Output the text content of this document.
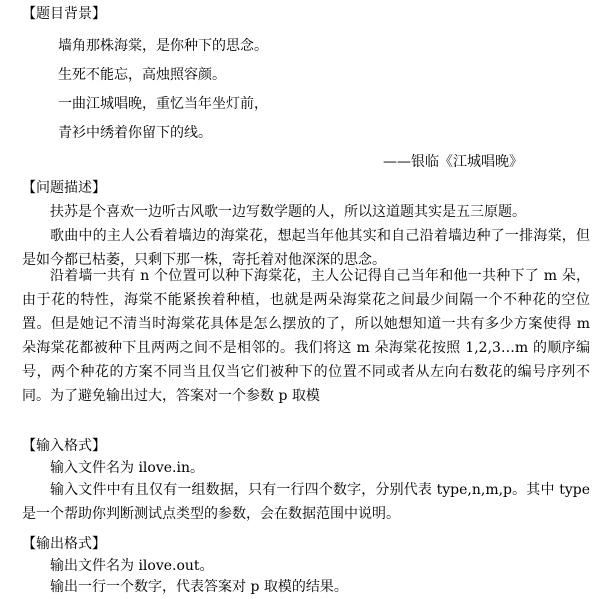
【题目背景】
墙角那株海棠，是你种下的思念。
生死不能忘，高烛照容颜。
一曲江城唱晚，重忆当年坐灯前，
青衫中绣着你留下的线。
——银临《江城唱晚》
【问题描述】
扶苏是个喜欢一边听古风歌一边写数学题的人，所以这道题其实是五三原题。
歌曲中的主人公看着墙边的海棠花，想起当年他其实和自己沿着墙边种了一排海棠，但是如今都已枯萎，只剩下那一株，寄托着对他深深的思念。
沿着墙一共有 n 个位置可以种下海棠花，主人公记得自己当年和他一共种下了 m 朵，由于花的特性，海棠不能紧挨着种植，也就是两朵海棠花之间最少间隔一个不种花的空位置。但是她记不清当时海棠花具体是怎么摆放的了，所以她想知道一共有多少方案使得 m 朵海棠花都被种下且两两之间不是相邻的。我们将这 m 朵海棠花按照 1,2,3…m 的顺序编号，两个种花的方案不同当且仅当它们被种下的位置不同或者从左向右数花的编号序列不同。 为了避免输出过大，答案对一个参数 p 取模
【输入格式】
输入文件名为 ilove.in。
输入文件中有且仅有一组数据，只有一行四个数字，分别代表 type,n,m,p。其中 type 是一个帮助你判断测试点类型的参数，会在数据范围中说明。
【输出格式】
输出文件名为 ilove.out。
输出一行一个数字，代表答案对 p 取模的结果。
